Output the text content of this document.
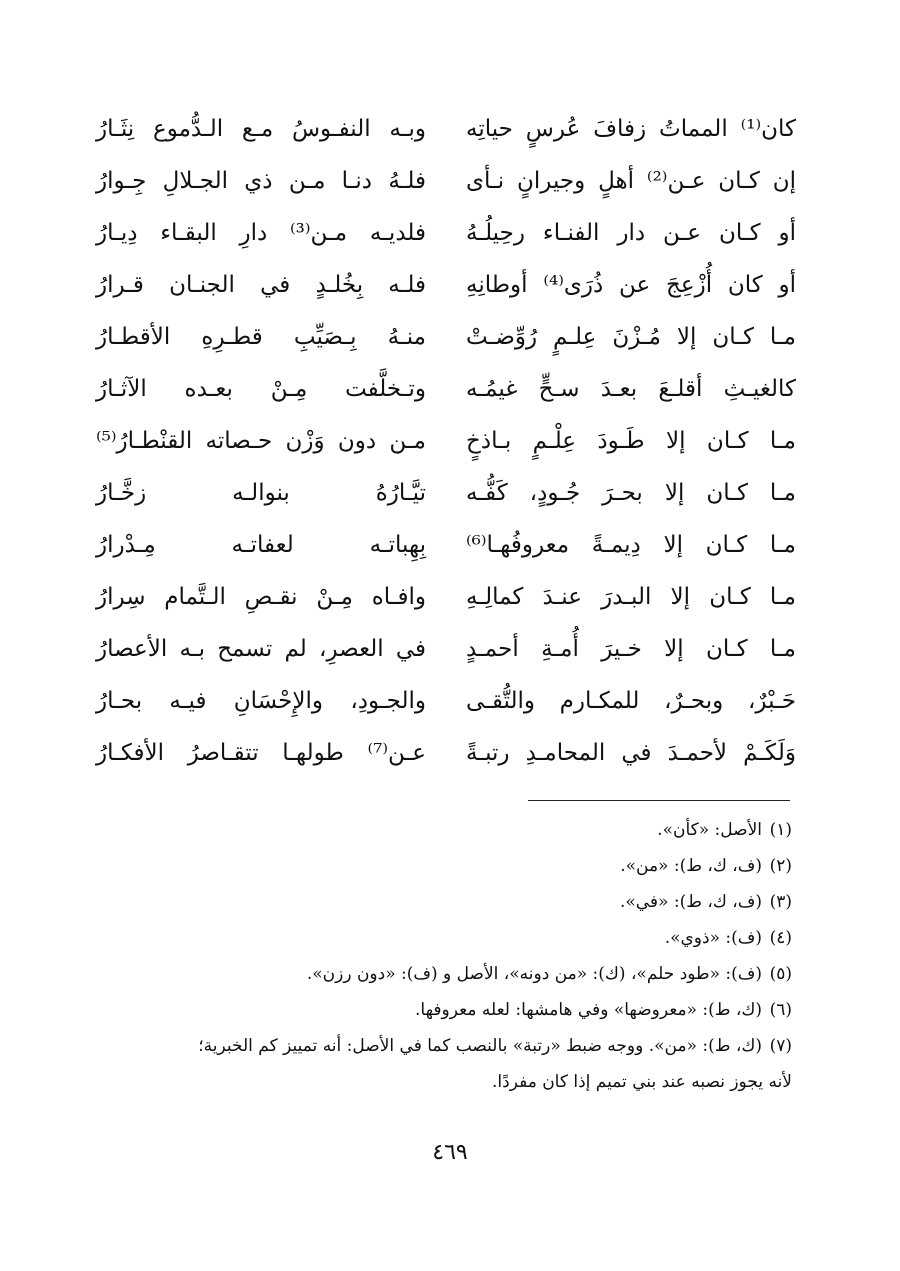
كان⁽¹⁾ المماتُ زفافَ عُرسٍ حياتِه
وبـه النفـوسُ مـع الـدُّموع نِثَـارُ
إن كـان عـن⁽²⁾ أهلٍ وجيرانٍ نـأى
فلـهُ دنـا مـن ذي الجـلالِ جِـوارُ
أو كـان عـن دار الفنـاء رحِيلُـهُ
فلديـه مـن⁽³⁾ دارِ البقـاء دِيـارُ
أو كان أُزْعِجَ عن ذُرَى⁽⁴⁾ أوطانِهِ
فلـه بِخُلـدٍ في الجنـان قـرارُ
مـا كـان إلا مُـزْنَ عِلـمٍ رُوِّضـتْ
منـهُ بِـصَيِّبِ قطـرِهِ الأقطـارُ
كالغيـثِ أقلـعَ بعـدَ سـحٍّ غيمُـه
وتـخلَّفت مِـنْ بعـده الآثـارُ
مـا كـان إلا طَـودَ عِلْـمٍ بـاذخٍ
مـن دون وَزْن حـصاته القنْطـارُ⁽⁵⁾
مـا كـان إلا بحـرَ جُـودٍ، كَفُّـه
تيَّـارُهُ بنوالـه زخَّـارُ
مـا كـان إلا دِيمـةً معروفُهـا⁽⁶⁾
بِهِباتـه لعفاتـه مِـدْرارُ
مـا كـان إلا البـدرَ عنـدَ كمالِـهِ
وافـاه مِـنْ نقـصِ الـتَّمام سِرارُ
مـا كـان إلا خـيرَ أُمـةِ أحمـدٍ
في العصرِ، لم تسمح بـه الأعصارُ
حَـبْرٌ، وبحـرٌ، للمكـارم والتُّقـى
والجـودِ، والإِحْسَانِ فيـه بحـارُ
وَلَكَـمْ لأحمـدَ في المحامـدِ رتبـةً
عـن⁽⁷⁾ طولهـا تتقـاصرُ الأفكـارُ
(١)الأصل: «كأن».
(٢)(ف، ك، ط): «من».
(٣)(ف، ك، ط): «في».
(٤)(ف): «ذوي».
(٥)(ف): «طود حلم»، (ك): «من دونه»، الأصل و (ف): «دون رزن».
(٦)(ك، ط): «معروضها» وفي هامشها: لعله معروفها.
(٧)(ك، ط): «من». ووجه ضبط «رتبة» بالنصب كما في الأصل: أنه تمييز كم الخبرية؛
لأنه يجوز نصبه عند بني تميم إذا كان مفردًا.
٤٦٩
